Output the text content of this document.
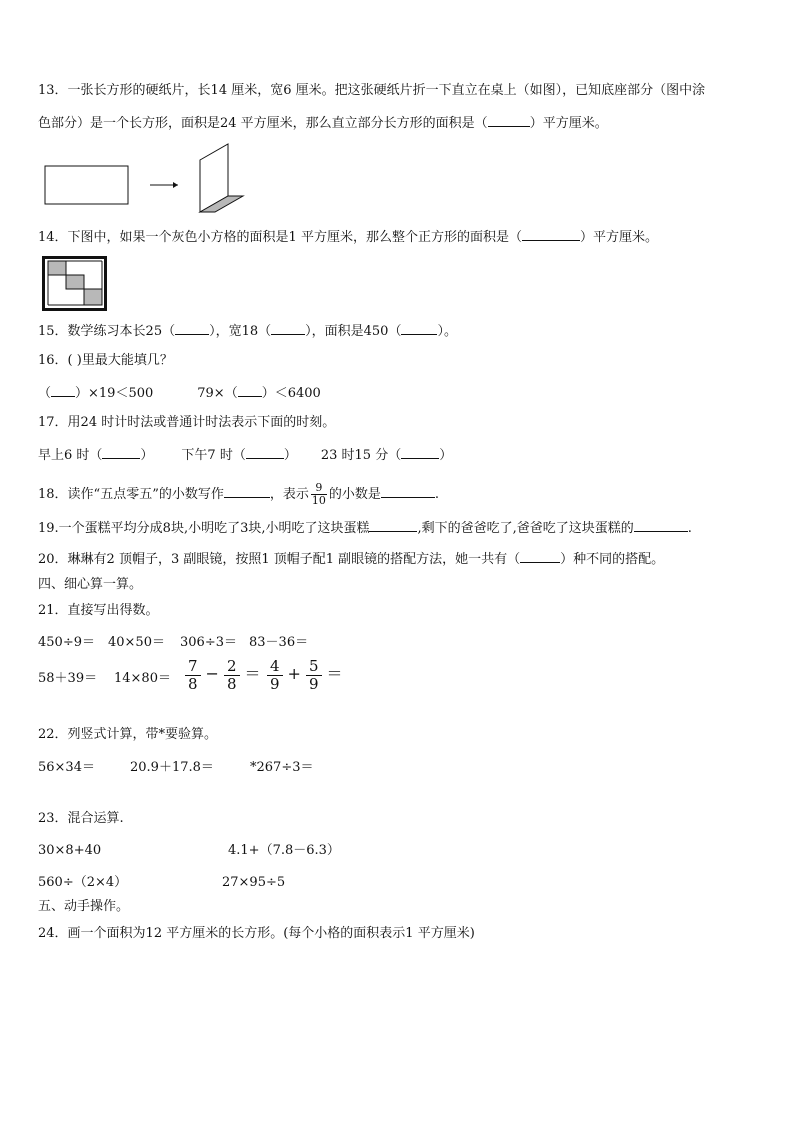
13．一张长方形的硬纸片，长14 厘米，宽6 厘米。把这张硬纸片折一下直立在桌上（如图），已知底座部分（图中涂
色部分）是一个长方形，面积是24 平方厘米，那么直立部分长方形的面积是（	）平方厘米。
14．下图中，如果一个灰色小方格的面积是1 平方厘米，那么整个正方形的面积是（	）平方厘米。
15．数学练习本长25（	），宽18（	），面积是450（	）。
16．( )里最大能填几？
（ ）×19＜500	79×（ ）＜6400
17．用24 时计时法或普通计时法表示下面的时刻。
早上6 时（	） 下午7 时（	） 23 时15 分（	）
18．读作“五点零五”的小数写作	，表示 $\frac{9}{10}$ 的小数是	.
19.一个蛋糕平均分成8块,小明吃了3块,小明吃了这块蛋糕	,剩下的爸爸吃了,爸爸吃了这块蛋糕的	.
20．琳琳有2 顶帽子，3 副眼镜，按照1 顶帽子配1 副眼镜的搭配方法，她一共有（	）种不同的搭配。
四、细心算一算。
21．直接写出得数。
450÷9＝ 40×50＝ 306÷3＝ 83－36＝
$58+39= 14\times 80= \frac{7}{8} - \frac{2}{8} = \frac{4}{9} + \frac{5}{9}$ ＝
22．列竖式计算，带*要验算。
56×34＝	20.9＋17.8＝	*267÷3＝
23．混合运算.
30×8+40	4.1+（7.8－6.3）
560÷（2×4）	27×95÷5
五、动手操作。
24．画一个面积为12 平方厘米的长方形。(每个小格的面积表示1 平方厘米)
